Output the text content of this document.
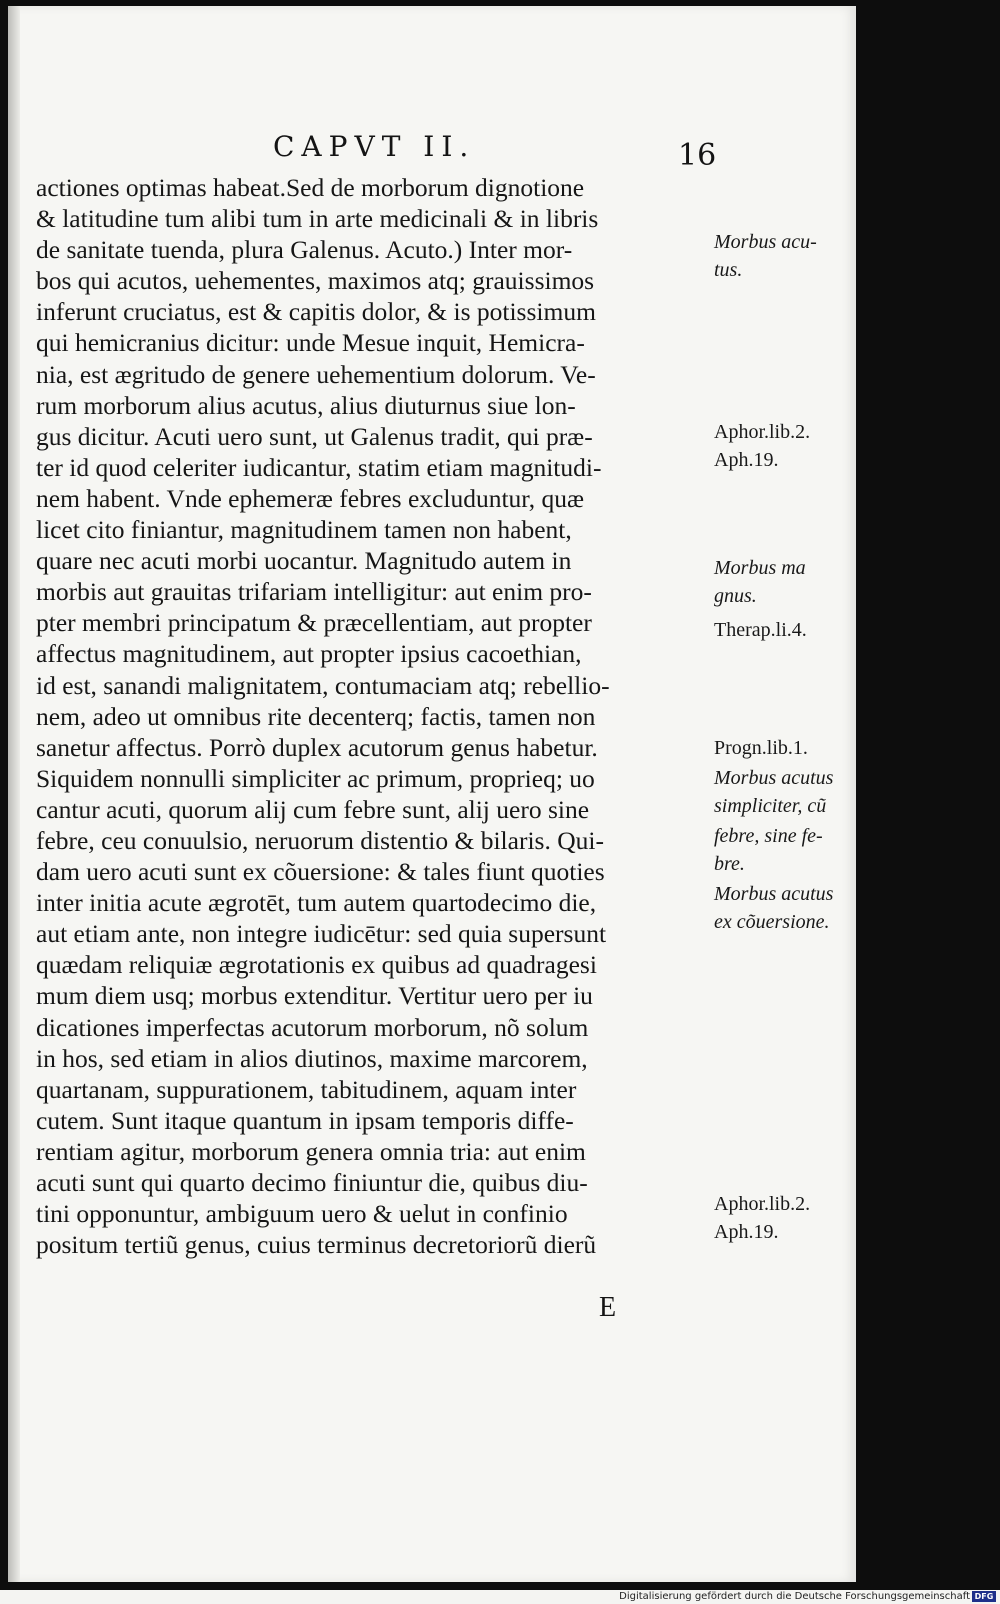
CAPVT II.	16
actiones optimas habeat.Sed de morborum dignotione
& latitudine tum alibi tum in arte medicinali & in libris
de sanitate tuenda, plura Galenus. Acuto.) Inter mor-
bos qui acutos, uehementes, maximos atq; grauissimos
inferunt cruciatus, est & capitis dolor, & is potissimum
qui hemicranius dicitur: unde Mesue inquit, Hemicra-
nia, est ægritudo de genere uehementium dolorum. Ve-
rum morborum alius acutus, alius diuturnus siue lon-
gus dicitur. Acuti uero sunt, ut Galenus tradit, qui præ-
ter id quod celeriter iudicantur, statim etiam magnitudi-
nem habent. Vnde ephemeræ febres excluduntur, quæ
licet cito finiantur, magnitudinem tamen non habent,
quare nec acuti morbi uocantur. Magnitudo autem in
morbis aut grauitas trifariam intelligitur: aut enim pro-
pter membri principatum & præcellentiam, aut propter
affectus magnitudinem, aut propter ipsius cacoethian,
id est, sanandi malignitatem, contumaciam atq; rebellio-
nem, adeo ut omnibus rite decenterq; factis, tamen non
sanetur affectus. Porrò duplex acutorum genus habetur.
Siquidem nonnulli simpliciter ac primum, proprieq; uo
cantur acuti, quorum alij cum febre sunt, alij uero sine
febre, ceu conuulsio, neruorum distentio & bilaris. Qui-
dam uero acuti sunt ex cõuersione: & tales fiunt quoties
inter initia acute ægrotēt, tum autem quartodecimo die,
aut etiam ante, non integre iudicētur: sed quia supersunt
quædam reliquiæ ægrotationis ex quibus ad quadragesi
mum diem usq; morbus extenditur. Vertitur uero per iu
dicationes imperfectas acutorum morborum, nõ solum
in hos, sed etiam in alios diutinos, maxime marcorem,
quartanam, suppurationem, tabitudinem, aquam inter
cutem. Sunt itaque quantum in ipsam temporis diffe-
rentiam agitur, morborum genera omnia tria: aut enim
acuti sunt qui quarto decimo finiuntur die, quibus diu-
tini opponuntur, ambiguum uero & uelut in confinio
positum tertiũ genus, cuius terminus decretoriorũ dierũ
Morbus acu-
tus.
Aphor.lib.2.
Aph.19.
Morbus ma
gnus.
Therap.li.4.
Progn.lib.1.
Morbus acutus
simpliciter, cũ
febre, sine fe-
bre.
Morbus acutus
ex cõuersione.
Aphor.lib.2.
Aph.19.
E
Digitalisierung gefördert durch die Deutsche Forschungsgemeinschaft DFG
